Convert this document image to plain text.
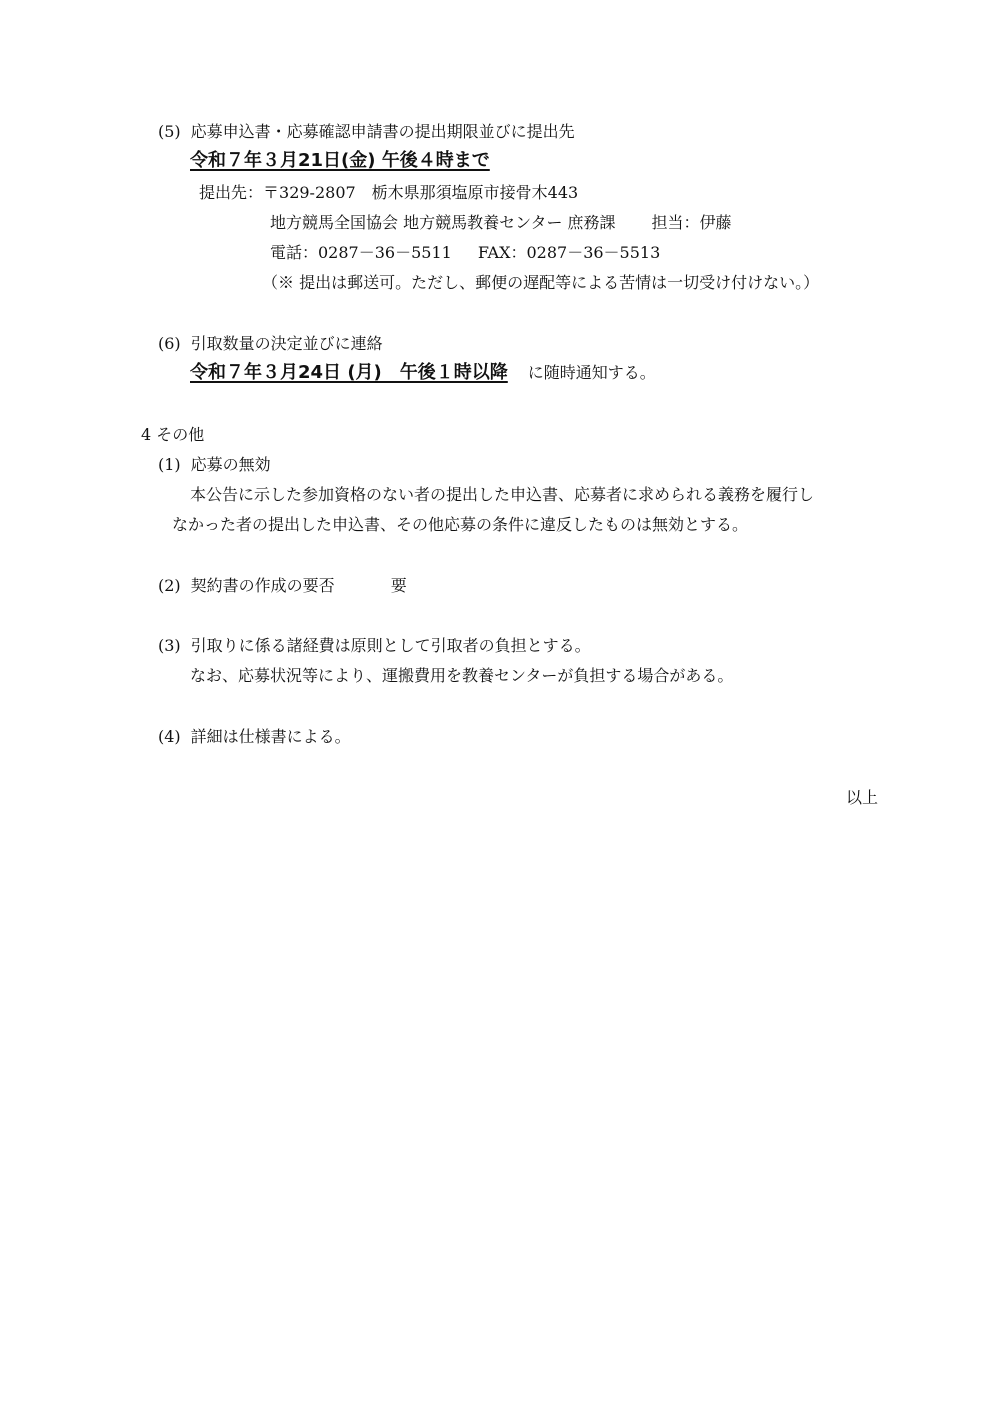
(5) 応募申込書・応募確認申請書の提出期限並びに提出先
令和７年３月21日(金) 午後４時まで
提出先：〒329-2807　栃木県那須塩原市接骨木443
地方競馬全国協会 地方競馬教養センター 庶務課 担当：伊藤
電話：0287－36－5511 FAX：0287－36－5513
（※ 提出は郵送可。ただし、郵便の遅配等による苦情は一切受け付けない。）
(6) 引取数量の決定並びに連絡
令和７年３月24日 (月)　午後１時以降 に随時通知する。
4 その他
(1) 応募の無効
本公告に示した参加資格のない者の提出した申込書、応募者に求められる義務を履行し
なかった者の提出した申込書、その他応募の条件に違反したものは無効とする。
(2) 契約書の作成の要否	要
(3) 引取りに係る諸経費は原則として引取者の負担とする。
なお、応募状況等により、運搬費用を教養センターが負担する場合がある。
(4) 詳細は仕様書による。
以上
